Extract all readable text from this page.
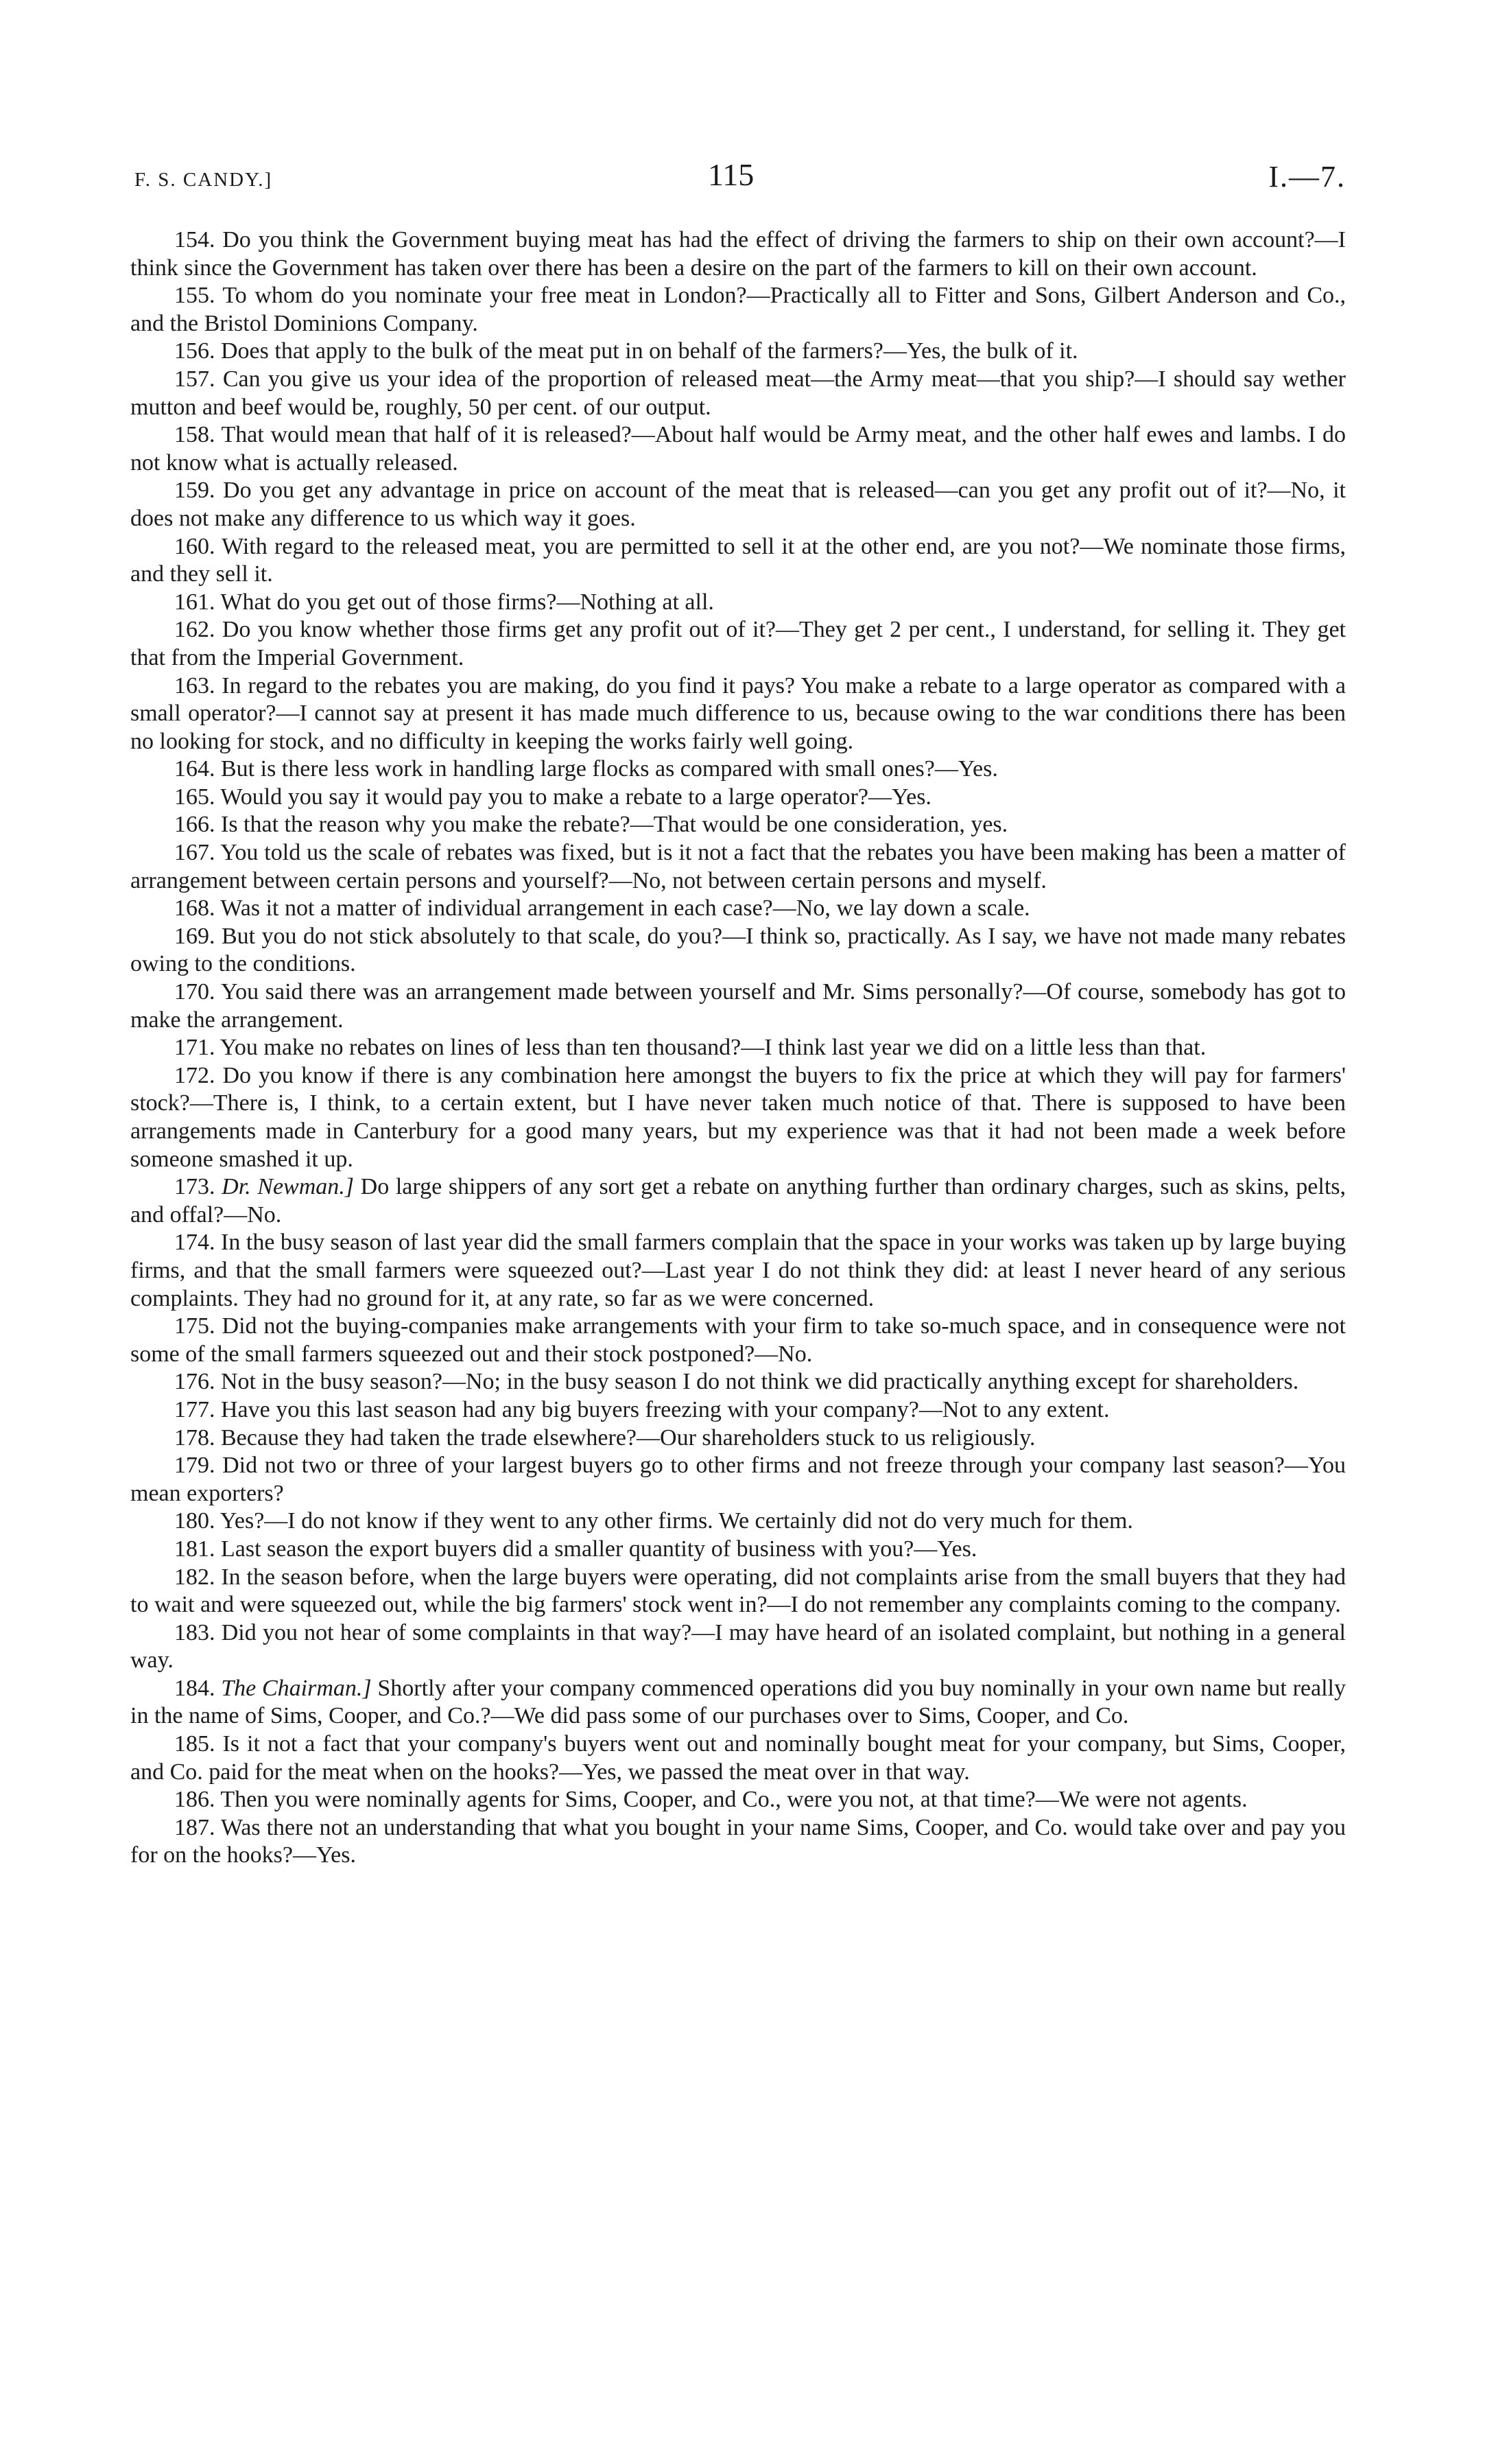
F. S. CANDY.]	115	I.—7.

154. Do you think the Government buying meat has had the effect of driving the farmers to ship on their own account?—I think since the Government has taken over there has been a desire on the part of the farmers to kill on their own account.

155. To whom do you nominate your free meat in London?—Practically all to Fitter and Sons, Gilbert Anderson and Co., and the Bristol Dominions Company.

156. Does that apply to the bulk of the meat put in on behalf of the farmers?—Yes, the bulk of it.

157. Can you give us your idea of the proportion of released meat—the Army meat—that you ship?—I should say wether mutton and beef would be, roughly, 50 per cent. of our output.

158. That would mean that half of it is released?—About half would be Army meat, and the other half ewes and lambs. I do not know what is actually released.

159. Do you get any advantage in price on account of the meat that is released—can you get any profit out of it?—No, it does not make any difference to us which way it goes.

160. With regard to the released meat, you are permitted to sell it at the other end, are you not?—We nominate those firms, and they sell it.

161. What do you get out of those firms?—Nothing at all.

162. Do you know whether those firms get any profit out of it?—They get 2 per cent., I understand, for selling it. They get that from the Imperial Government.

163. In regard to the rebates you are making, do you find it pays? You make a rebate to a large operator as compared with a small operator?—I cannot say at present it has made much difference to us, because owing to the war conditions there has been no looking for stock, and no difficulty in keeping the works fairly well going.

164. But is there less work in handling large flocks as compared with small ones?—Yes.

165. Would you say it would pay you to make a rebate to a large operator?—Yes.

166. Is that the reason why you make the rebate?—That would be one consideration, yes.

167. You told us the scale of rebates was fixed, but is it not a fact that the rebates you have been making has been a matter of arrangement between certain persons and yourself?—No, not between certain persons and myself.

168. Was it not a matter of individual arrangement in each case?—No, we lay down a scale.

169. But you do not stick absolutely to that scale, do you?—I think so, practically. As I say, we have not made many rebates owing to the conditions.

170. You said there was an arrangement made between yourself and Mr. Sims personally?—Of course, somebody has got to make the arrangement.

171. You make no rebates on lines of less than ten thousand?—I think last year we did on a little less than that.

172. Do you know if there is any combination here amongst the buyers to fix the price at which they will pay for farmers' stock?—There is, I think, to a certain extent, but I have never taken much notice of that. There is supposed to have been arrangements made in Canterbury for a good many years, but my experience was that it had not been made a week before someone smashed it up.

173. Dr. Newman.] Do large shippers of any sort get a rebate on anything further than ordinary charges, such as skins, pelts, and offal?—No.

174. In the busy season of last year did the small farmers complain that the space in your works was taken up by large buying firms, and that the small farmers were squeezed out?—Last year I do not think they did: at least I never heard of any serious complaints. They had no ground for it, at any rate, so far as we were concerned.

175. Did not the buying-companies make arrangements with your firm to take so-much space, and in consequence were not some of the small farmers squeezed out and their stock postponed?—No.

176. Not in the busy season?—No; in the busy season I do not think we did practically anything except for shareholders.

177. Have you this last season had any big buyers freezing with your company?—Not to any extent.

178. Because they had taken the trade elsewhere?—Our shareholders stuck to us religiously.

179. Did not two or three of your largest buyers go to other firms and not freeze through your company last season?—You mean exporters?

180. Yes?—I do not know if they went to any other firms. We certainly did not do very much for them.

181. Last season the export buyers did a smaller quantity of business with you?—Yes.

182. In the season before, when the large buyers were operating, did not complaints arise from the small buyers that they had to wait and were squeezed out, while the big farmers' stock went in?—I do not remember any complaints coming to the company.

183. Did you not hear of some complaints in that way?—I may have heard of an isolated complaint, but nothing in a general way.

184. The Chairman.] Shortly after your company commenced operations did you buy nominally in your own name but really in the name of Sims, Cooper, and Co.?—We did pass some of our purchases over to Sims, Cooper, and Co.

185. Is it not a fact that your company's buyers went out and nominally bought meat for your company, but Sims, Cooper, and Co. paid for the meat when on the hooks?—Yes, we passed the meat over in that way.

186. Then you were nominally agents for Sims, Cooper, and Co., were you not, at that time?—We were not agents.

187. Was there not an understanding that what you bought in your name Sims, Cooper, and Co. would take over and pay you for on the hooks?—Yes.
